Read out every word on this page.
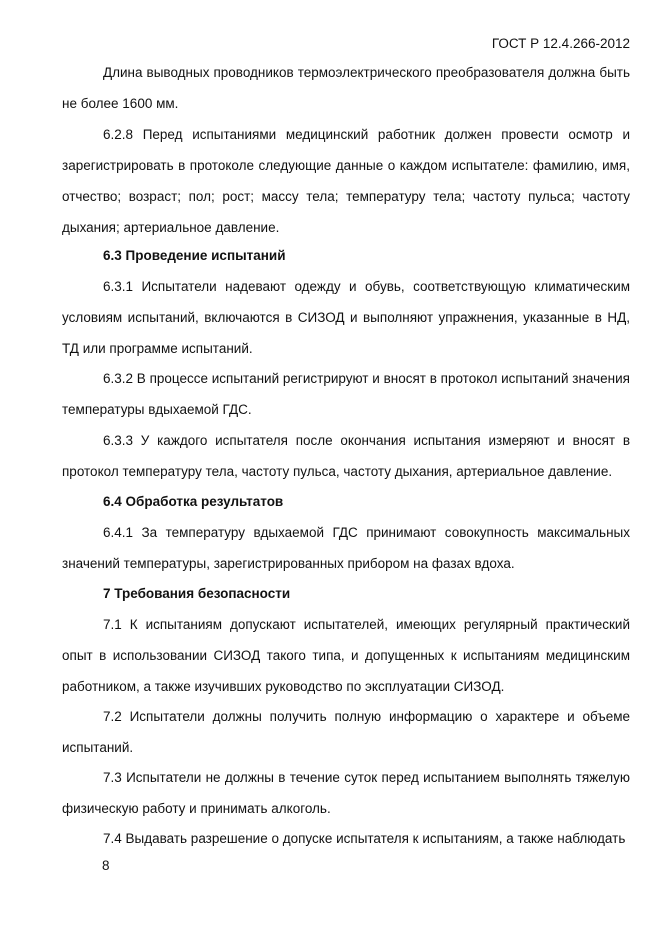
ГОСТ Р 12.4.266-2012

Длина выводных проводников термоэлектрического преобразователя должна быть не более 1600 мм.

6.2.8 Перед испытаниями медицинский работник должен провести осмотр и зарегистрировать в протоколе следующие данные о каждом испытателе: фамилию, имя, отчество; возраст; пол; рост; массу тела; температуру тела; частоту пульса; частоту дыхания; артериальное давление.

6.3 Проведение испытаний

6.3.1 Испытатели надевают одежду и обувь, соответствующую климатическим условиям испытаний, включаются в СИЗОД и выполняют упражнения, указанные в НД, ТД или программе испытаний.

6.3.2 В процессе испытаний регистрируют и вносят в протокол испытаний значения температуры вдыхаемой ГДС.

6.3.3 У каждого испытателя после окончания испытания измеряют и вносят в протокол температуру тела, частоту пульса, частоту дыхания, артериальное давление.

6.4 Обработка результатов

6.4.1 За температуру вдыхаемой ГДС принимают совокупность максимальных значений температуры, зарегистрированных прибором на фазах вдоха.

7 Требования безопасности

7.1 К испытаниям допускают испытателей, имеющих регулярный практический опыт в использовании СИЗОД такого типа, и допущенных к испытаниям медицинским работником, а также изучивших руководство по эксплуатации СИЗОД.

7.2 Испытатели должны получить полную информацию о характере и объеме испытаний.

7.3 Испытатели не должны в течение суток перед испытанием выполнять тяжелую физическую работу и принимать алкоголь.

7.4 Выдавать разрешение о допуске испытателя к испытаниям, а также наблюдать

8
